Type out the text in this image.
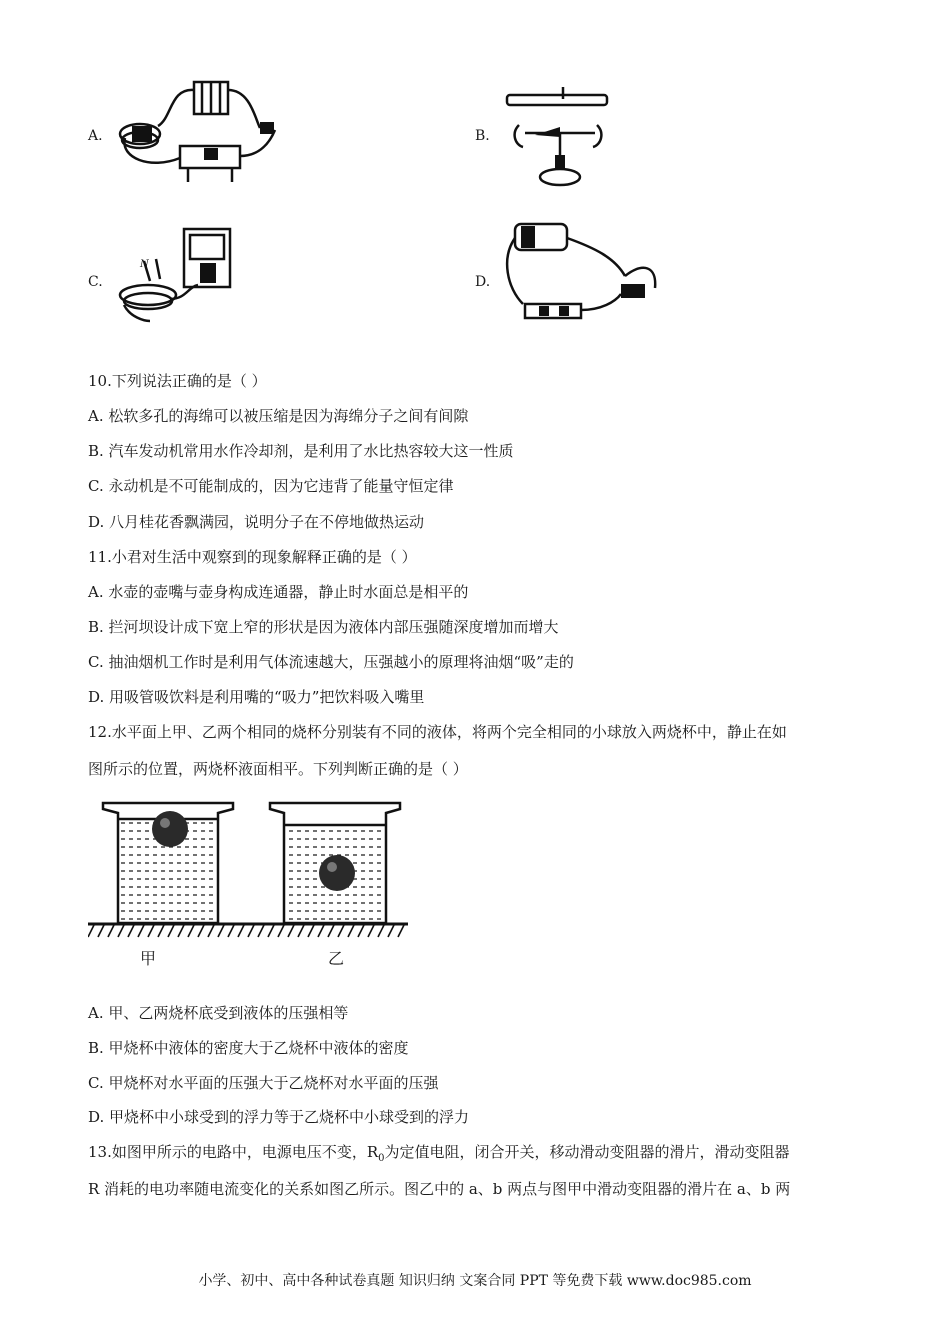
A.	B.
C.	D.
N
10.下列说法正确的是（ ）
A. 松软多孔的海绵可以被压缩是因为海绵分子之间有间隙
B. 汽车发动机常用水作冷却剂，是利用了水比热容较大这一性质
C. 永动机是不可能制成的，因为它违背了能量守恒定律
D. 八月桂花香飘满园，说明分子在不停地做热运动
11.小君对生活中观察到的现象解释正确的是（ ）
A. 水壶的壶嘴与壶身构成连通器，静止时水面总是相平的
B. 拦河坝设计成下宽上窄的形状是因为液体内部压强随深度增加而增大
C. 抽油烟机工作时是利用气体流速越大，压强越小的原理将油烟“吸”走的
D. 用吸管吸饮料是利用嘴的“吸力”把饮料吸入嘴里
12.水平面上甲、乙两个相同的烧杯分别装有不同的液体，将两个完全相同的小球放入两烧杯中，静止在如
图所示的位置，两烧杯液面相平。下列判断正确的是（ ）
甲	乙
A. 甲、乙两烧杯底受到液体的压强相等
B. 甲烧杯中液体的密度大于乙烧杯中液体的密度
C. 甲烧杯对水平面的压强大于乙烧杯对水平面的压强
D. 甲烧杯中小球受到的浮力等于乙烧杯中小球受到的浮力
13.如图甲所示的电路中，电源电压不变，$R_0$为定值电阻，闭合开关，移动滑动变阻器的滑片，滑动变阻器
R 消耗的电功率随电流变化的关系如图乙所示。图乙中的 a、b 两点与图甲中滑动变阻器的滑片在 a、b 两
小学、初中、高中各种试卷真题 知识归纳 文案合同 PPT 等免费下载 www.doc985.com
